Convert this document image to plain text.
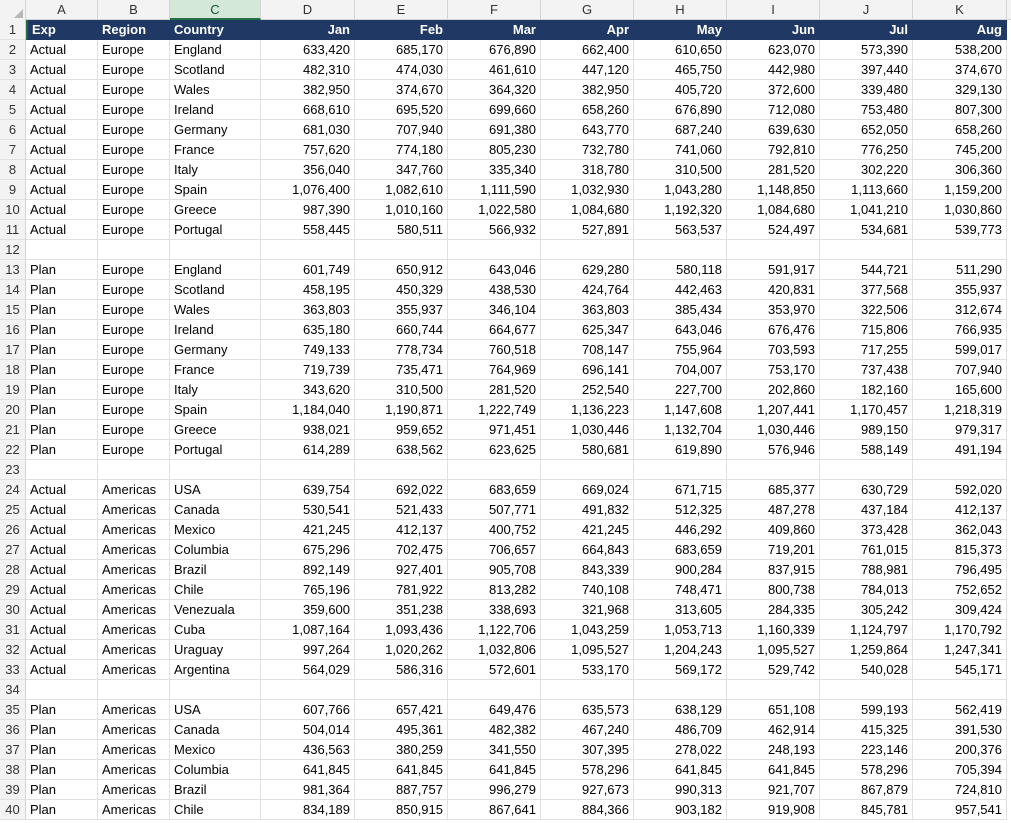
A	B	C	D	E	F	G	H	I	J	K
1	Exp	Region	Country	Jan	Feb	Mar	Apr	May	Jun	Jul	Aug
2	Actual	Europe	England	633,420	685,170	676,890	662,400	610,650	623,070	573,390	538,200
3	Actual	Europe	Scotland	482,310	474,030	461,610	447,120	465,750	442,980	397,440	374,670
4	Actual	Europe	Wales	382,950	374,670	364,320	382,950	405,720	372,600	339,480	329,130
5	Actual	Europe	Ireland	668,610	695,520	699,660	658,260	676,890	712,080	753,480	807,300
6	Actual	Europe	Germany	681,030	707,940	691,380	643,770	687,240	639,630	652,050	658,260
7	Actual	Europe	France	757,620	774,180	805,230	732,780	741,060	792,810	776,250	745,200
8	Actual	Europe	Italy	356,040	347,760	335,340	318,780	310,500	281,520	302,220	306,360
9	Actual	Europe	Spain	1,076,400	1,082,610	1,111,590	1,032,930	1,043,280	1,148,850	1,113,660	1,159,200
10 Actual	Europe	Greece	987,390	1,010,160	1,022,580	1,084,680	1,192,320	1,084,680	1,041,210	1,030,860
11 Actual	Europe	Portugal	558,445	580,511	566,932	527,891	563,537	524,497	534,681	539,773
12
13 Plan	Europe	England	601,749	650,912	643,046	629,280	580,118	591,917	544,721	511,290
14 Plan	Europe	Scotland	458,195	450,329	438,530	424,764	442,463	420,831	377,568	355,937
15 Plan	Europe	Wales	363,803	355,937	346,104	363,803	385,434	353,970	322,506	312,674
16 Plan	Europe	Ireland	635,180	660,744	664,677	625,347	643,046	676,476	715,806	766,935
17 Plan	Europe	Germany	749,133	778,734	760,518	708,147	755,964	703,593	717,255	599,017
18 Plan	Europe	France	719,739	735,471	764,969	696,141	704,007	753,170	737,438	707,940
19 Plan	Europe	Italy	343,620	310,500	281,520	252,540	227,700	202,860	182,160	165,600
20 Plan	Europe	Spain	1,184,040	1,190,871	1,222,749	1,136,223	1,147,608	1,207,441	1,170,457	1,218,319
21 Plan	Europe	Greece	938,021	959,652	971,451	1,030,446	1,132,704	1,030,446	989,150	979,317
22 Plan	Europe	Portugal	614,289	638,562	623,625	580,681	619,890	576,946	588,149	491,194
23
24 Actual	Americas	USA	639,754	692,022	683,659	669,024	671,715	685,377	630,729	592,020
25 Actual	Americas	Canada	530,541	521,433	507,771	491,832	512,325	487,278	437,184	412,137
26 Actual	Americas	Mexico	421,245	412,137	400,752	421,245	446,292	409,860	373,428	362,043
27 Actual	Americas	Columbia	675,296	702,475	706,657	664,843	683,659	719,201	761,015	815,373
28 Actual	Americas	Brazil	892,149	927,401	905,708	843,339	900,284	837,915	788,981	796,495
29 Actual	Americas	Chile	765,196	781,922	813,282	740,108	748,471	800,738	784,013	752,652
30 Actual	Americas	Venezuala	359,600	351,238	338,693	321,968	313,605	284,335	305,242	309,424
31 Actual	Americas	Cuba	1,087,164	1,093,436	1,122,706	1,043,259	1,053,713	1,160,339	1,124,797	1,170,792
32 Actual	Americas	Uraguay	997,264	1,020,262	1,032,806	1,095,527	1,204,243	1,095,527	1,259,864	1,247,341
33 Actual	Americas	Argentina	564,029	586,316	572,601	533,170	569,172	529,742	540,028	545,171
34
35 Plan	Americas	USA	607,766	657,421	649,476	635,573	638,129	651,108	599,193	562,419
36 Plan	Americas	Canada	504,014	495,361	482,382	467,240	486,709	462,914	415,325	391,530
37 Plan	Americas	Mexico	436,563	380,259	341,550	307,395	278,022	248,193	223,146	200,376
38 Plan	Americas	Columbia	641,845	641,845	641,845	578,296	641,845	641,845	578,296	705,394
39 Plan	Americas	Brazil	981,364	887,757	996,279	927,673	990,313	921,707	867,879	724,810
40 Plan	Americas	Chile	834,189	850,915	867,641	884,366	903,182	919,908	845,781	957,541
